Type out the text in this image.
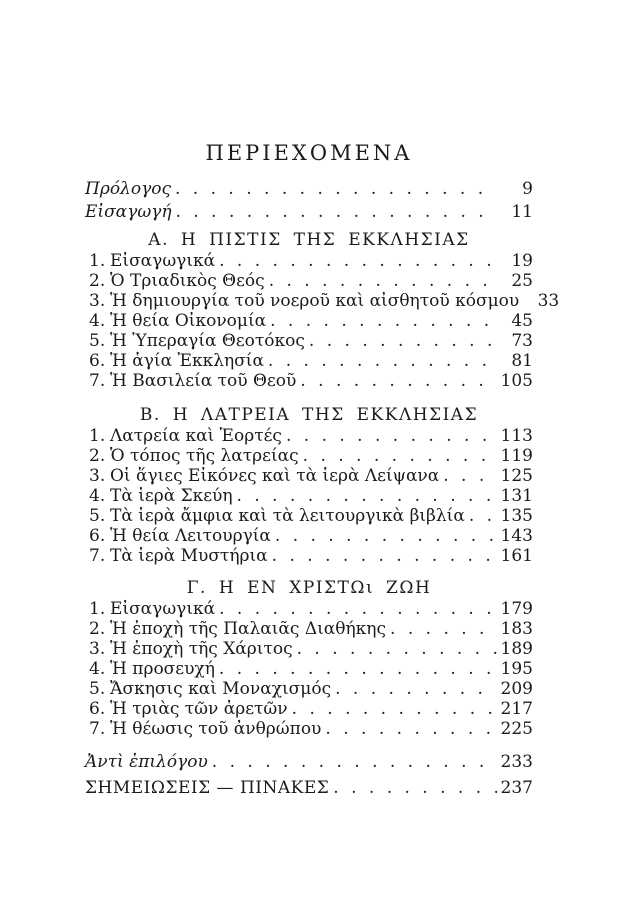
ΠΕΡΙΕΧΟΜΕΝΑ
Πρόλογος . . .	9
Εἰσαγωγή . . .	11
Α. Η ΠΙΣΤΙΣ ΤΗΣ ΕΚΚΛΗΣΙΑΣ
1. Εἰσαγωγικά . . .	19
2. Ὁ Τριαδικὸς Θεός . . .	25
3. Ἡ δημιουργία τοῦ νοεροῦ καὶ αἰσθητοῦ κόσμου	33
4. Ἡ θεία Οἰκονομία . . .	45
5. Ἡ Ὑπεραγία Θεοτόκος . . .	73
6. Ἡ ἁγία Ἐκκλησία . . .	81
7. Ἡ Βασιλεία τοῦ Θεοῦ . . .	105
Β. Η ΛΑΤΡΕΙΑ ΤΗΣ ΕΚΚΛΗΣΙΑΣ
1. Λατρεία καὶ Ἑορτές . . .	113
2. Ὁ τόπος τῆς λατρείας . . .	119
3. Οἱ ἅγιες Εἰκόνες καὶ τὰ ἱερὰ Λείψανα . . .	125
4. Τὰ ἱερὰ Σκεύη . . .	131
5. Τὰ ἱερὰ ἄμφια καὶ τὰ λειτουργικὰ βιβλία . . . 135
6. Ἡ θεία Λειτουργία . . .	143
7. Τὰ ἱερὰ Μυστήρια . . .	161
Γ. Η ΕΝ ΧΡΙΣΤΩι ΖΩΗ
1. Εἰσαγωγικά . . .	179
2. Ἡ ἐποχὴ τῆς Παλαιᾶς Διαθήκης . . .	183
3. Ἡ ἐποχὴ τῆς Χάριτος . . .	189
4. Ἡ προσευχή . . .	195
5. Ἄσκησις καὶ Μοναχισμός . . .	209
6. Ἡ τριὰς τῶν ἀρετῶν . . .	217
7. Ἡ θέωσις τοῦ ἀνθρώπου . . .	225
Ἀντὶ ἐπιλόγου . . .	233
ΣΗΜΕΙΩΣΕΙΣ — ΠΙΝΑΚΕΣ . . .	237
